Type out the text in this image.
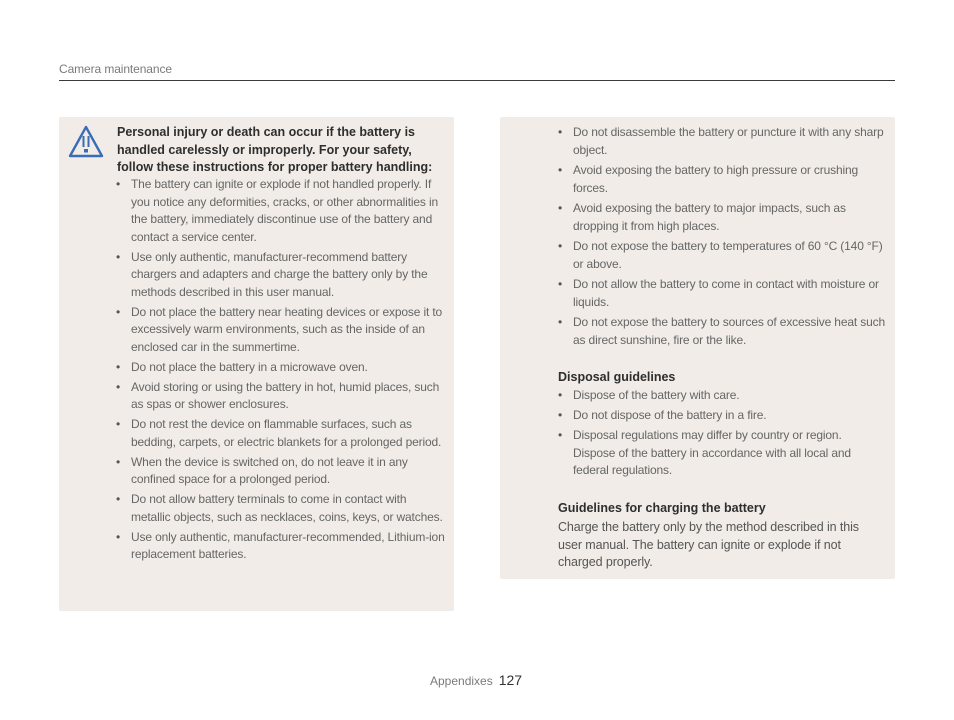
Camera maintenance
Personal injury or death can occur if the battery is handled carelessly or improperly. For your safety, follow these instructions for proper battery handling:
• The battery can ignite or explode if not handled properly. If you notice any deformities, cracks, or other abnormalities in the battery, immediately discontinue use of the battery and contact a service center.
• Use only authentic, manufacturer-recommend battery chargers and adapters and charge the battery only by the methods described in this user manual.
• Do not place the battery near heating devices or expose it to excessively warm environments, such as the inside of an enclosed car in the summertime.
• Do not place the battery in a microwave oven.
• Avoid storing or using the battery in hot, humid places, such as spas or shower enclosures.
• Do not rest the device on flammable surfaces, such as bedding, carpets, or electric blankets for a prolonged period.
• When the device is switched on, do not leave it in any confined space for a prolonged period.
• Do not allow battery terminals to come in contact with metallic objects, such as necklaces, coins, keys, or watches.
• Use only authentic, manufacturer-recommended, Lithium-ion replacement batteries.
• Do not disassemble the battery or puncture it with any sharp object.
• Avoid exposing the battery to high pressure or crushing forces.
• Avoid exposing the battery to major impacts, such as dropping it from high places.
• Do not expose the battery to temperatures of 60 °C (140 °F) or above.
• Do not allow the battery to come in contact with moisture or liquids.
• Do not expose the battery to sources of excessive heat such as direct sunshine, fire or the like.
Disposal guidelines
• Dispose of the battery with care.
• Do not dispose of the battery in a fire.
• Disposal regulations may differ by country or region. Dispose of the battery in accordance with all local and federal regulations.
Guidelines for charging the battery
Charge the battery only by the method described in this user manual. The battery can ignite or explode if not charged properly.
Appendixes 127
